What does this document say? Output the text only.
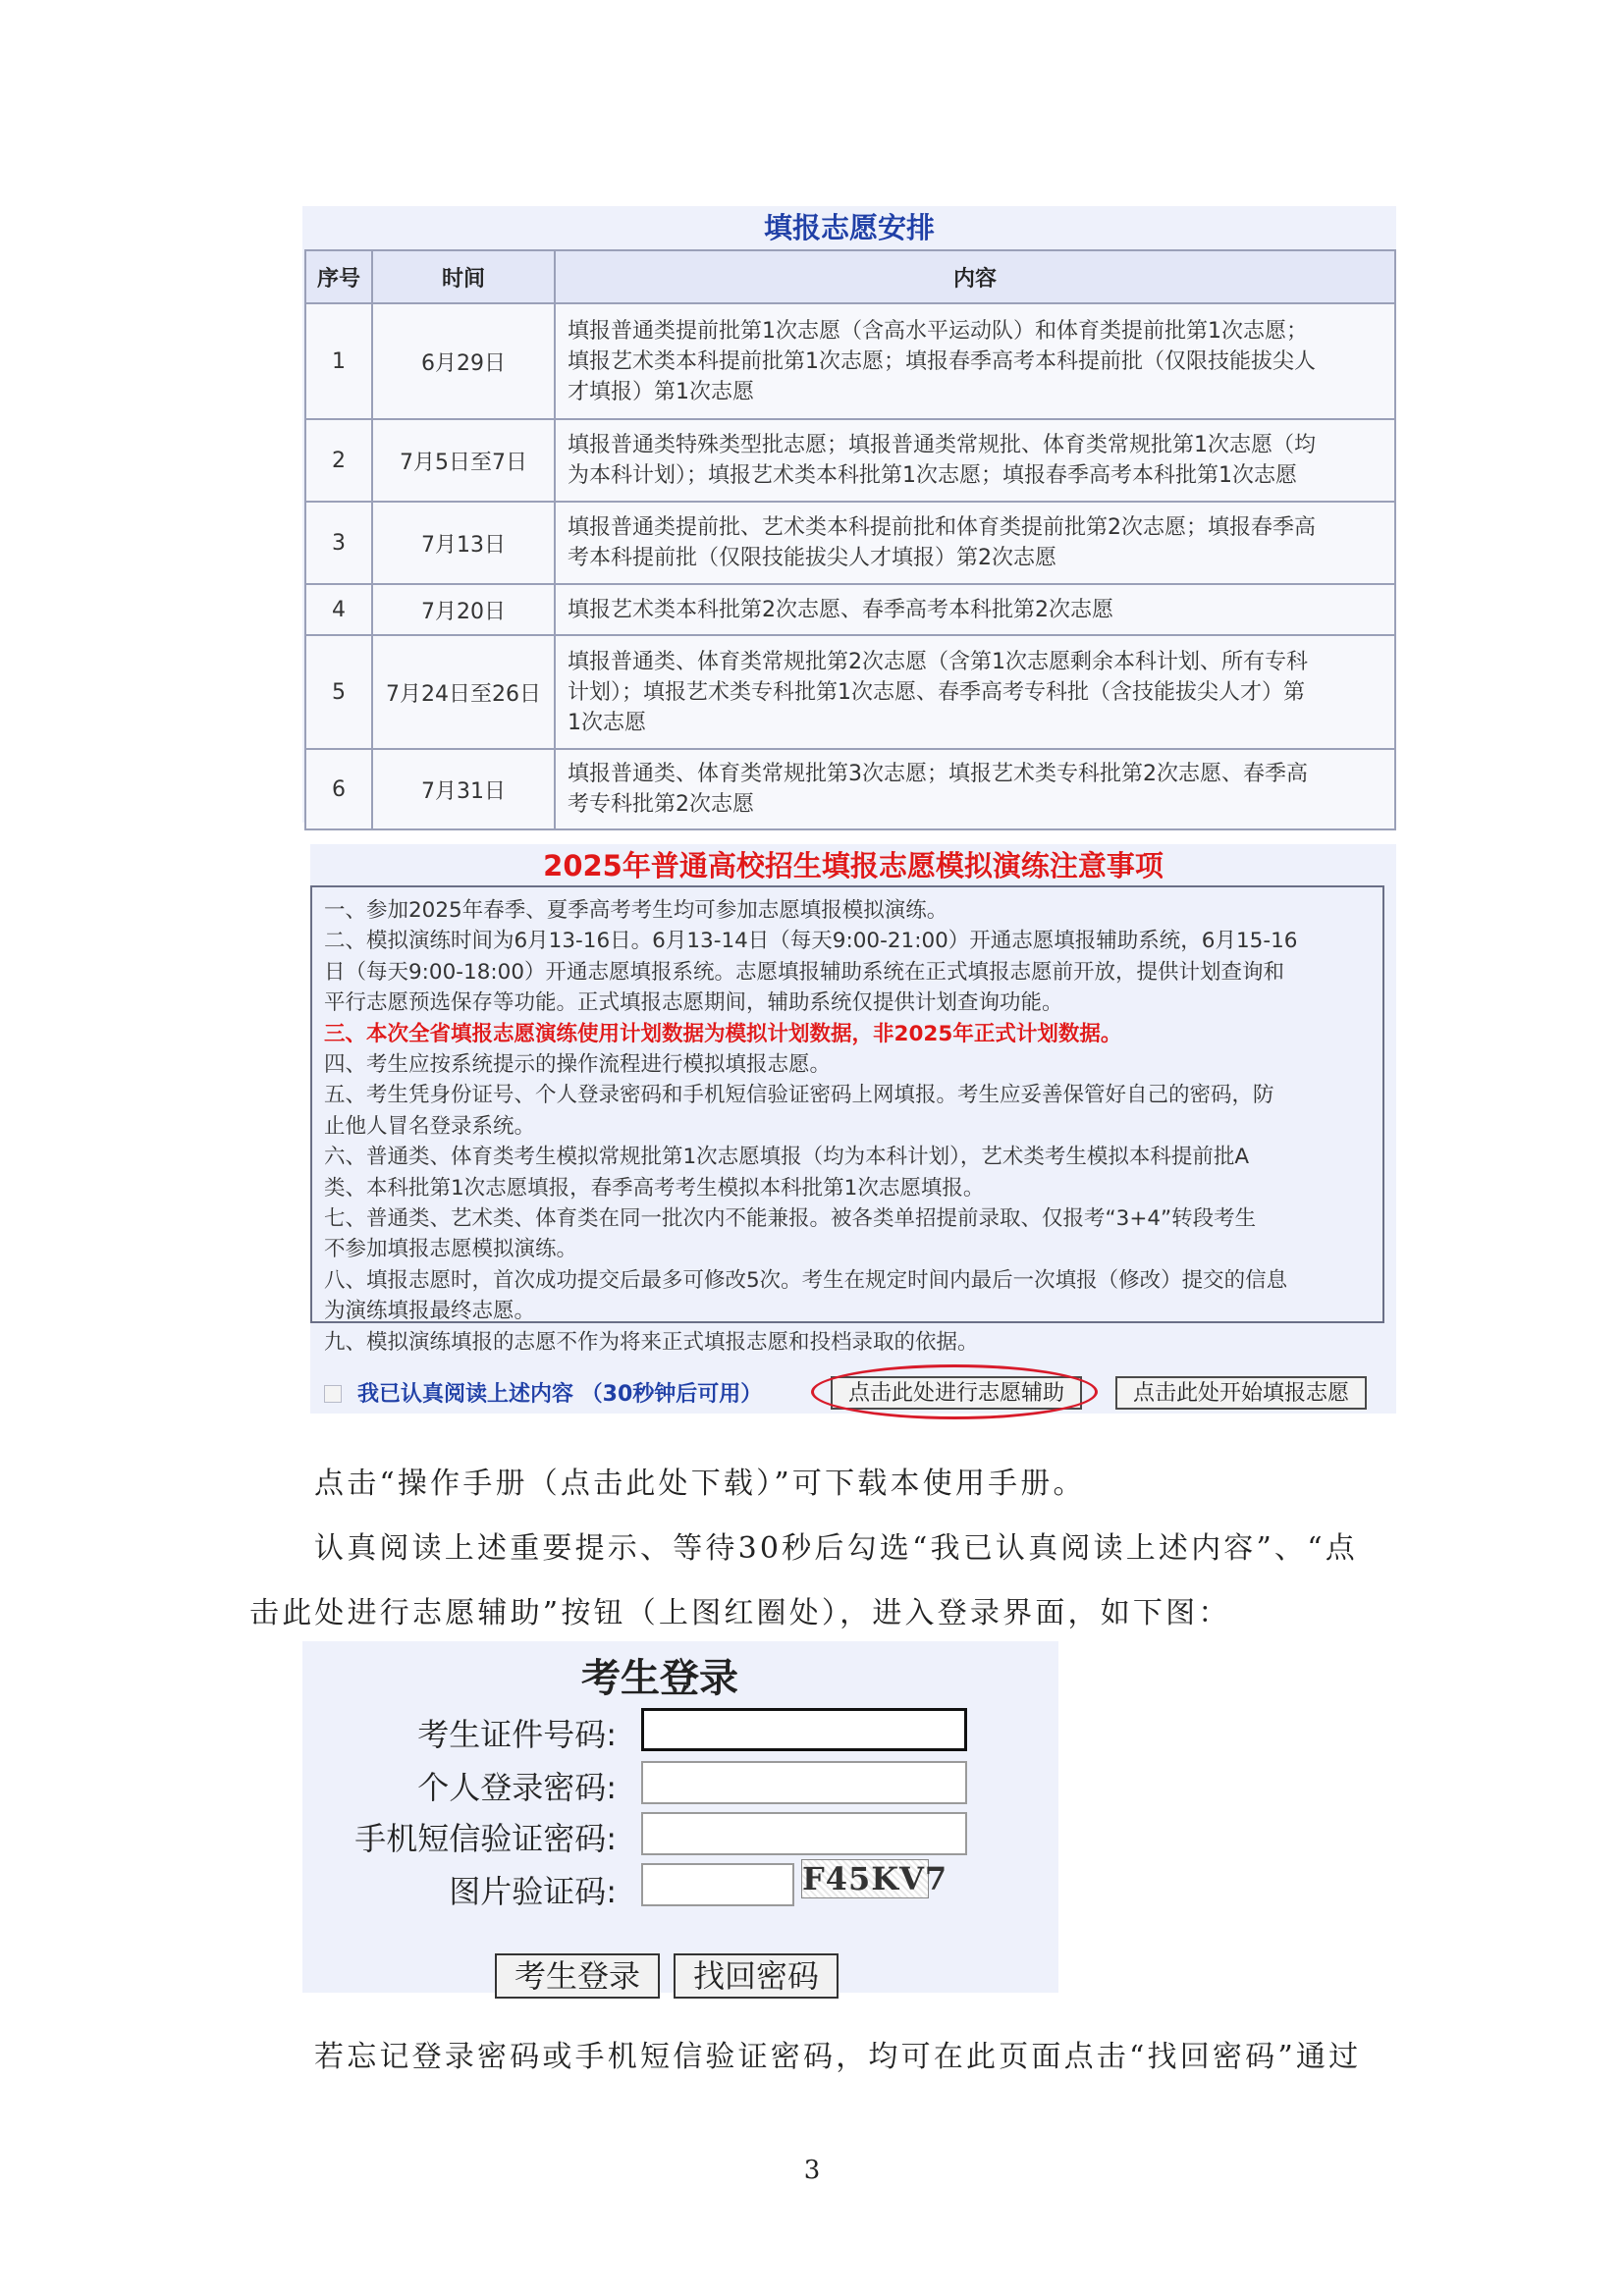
填报志愿安排
序号	时间	内容
1	6月29日	填报普通类提前批第1次志愿（含高水平运动队）和体育类提前批第1次志愿；
填报艺术类本科提前批第1次志愿；填报春季高考本科提前批（仅限技能拔尖人
才填报）第1次志愿

2	7月5日至7日	填报普通类特殊类型批志愿；填报普通类常规批、体育类常规批第1次志愿（均
为本科计划）；填报艺术类本科批第1次志愿；填报春季高考本科批第1次志愿

3	7月13日	填报普通类提前批、艺术类本科提前批和体育类提前批第2次志愿；填报春季高
考本科提前批（仅限技能拔尖人才填报）第2次志愿

4	7月20日	填报艺术类本科批第2次志愿、春季高考本科批第2次志愿

5	7月24日至26日	填报普通类、体育类常规批第2次志愿（含第1次志愿剩余本科计划、所有专科
计划）；填报艺术类专科批第1次志愿、春季高考专科批（含技能拔尖人才）第
1次志愿

6	7月31日	填报普通类、体育类常规批第3次志愿；填报艺术类专科批第2次志愿、春季高
考专科批第2次志愿
2025年普通高校招生填报志愿模拟演练注意事项
一、参加2025年春季、夏季高考考生均可参加志愿填报模拟演练。
二、模拟演练时间为6月13-16日。6月13-14日（每天9:00-21:00）开通志愿填报辅助系统，6月15-16
日（每天9:00-18:00）开通志愿填报系统。志愿填报辅助系统在正式填报志愿前开放，提供计划查询和
平行志愿预选保存等功能。正式填报志愿期间，辅助系统仅提供计划查询功能。
三、本次全省填报志愿演练使用计划数据为模拟计划数据，非2025年正式计划数据。
四、考生应按系统提示的操作流程进行模拟填报志愿。
五、考生凭身份证号、个人登录密码和手机短信验证密码上网填报。考生应妥善保管好自己的密码，防
止他人冒名登录系统。
六、普通类、体育类考生模拟常规批第1次志愿填报（均为本科计划），艺术类考生模拟本科提前批A
类、本科批第1次志愿填报，春季高考考生模拟本科批第1次志愿填报。
七、普通类、艺术类、体育类在同一批次内不能兼报。被各类单招提前录取、仅报考“3+4”转段考生
不参加填报志愿模拟演练。
八、填报志愿时，首次成功提交后最多可修改5次。考生在规定时间内最后一次填报（修改）提交的信息
为演练填报最终志愿。
九、模拟演练填报的志愿不作为将来正式填报志愿和投档录取的依据。
我已认真阅读上述内容 （30秒钟后可用）	点击此处进行志愿辅助	点击此处开始填报志愿
点击“操作手册（点击此处下载）”可下载本使用手册。
认真阅读上述重要提示、等待30秒后勾选“我已认真阅读上述内容”、“点
击此处进行志愿辅助”按钮（上图红圈处），进入登录界面，如下图：
考生登录
考生证件号码:
个人登录密码:
手机短信验证密码:
图片验证码:	F45KV7
考生登录	找回密码
若忘记登录密码或手机短信验证密码，均可在此页面点击“找回密码”通过
3
